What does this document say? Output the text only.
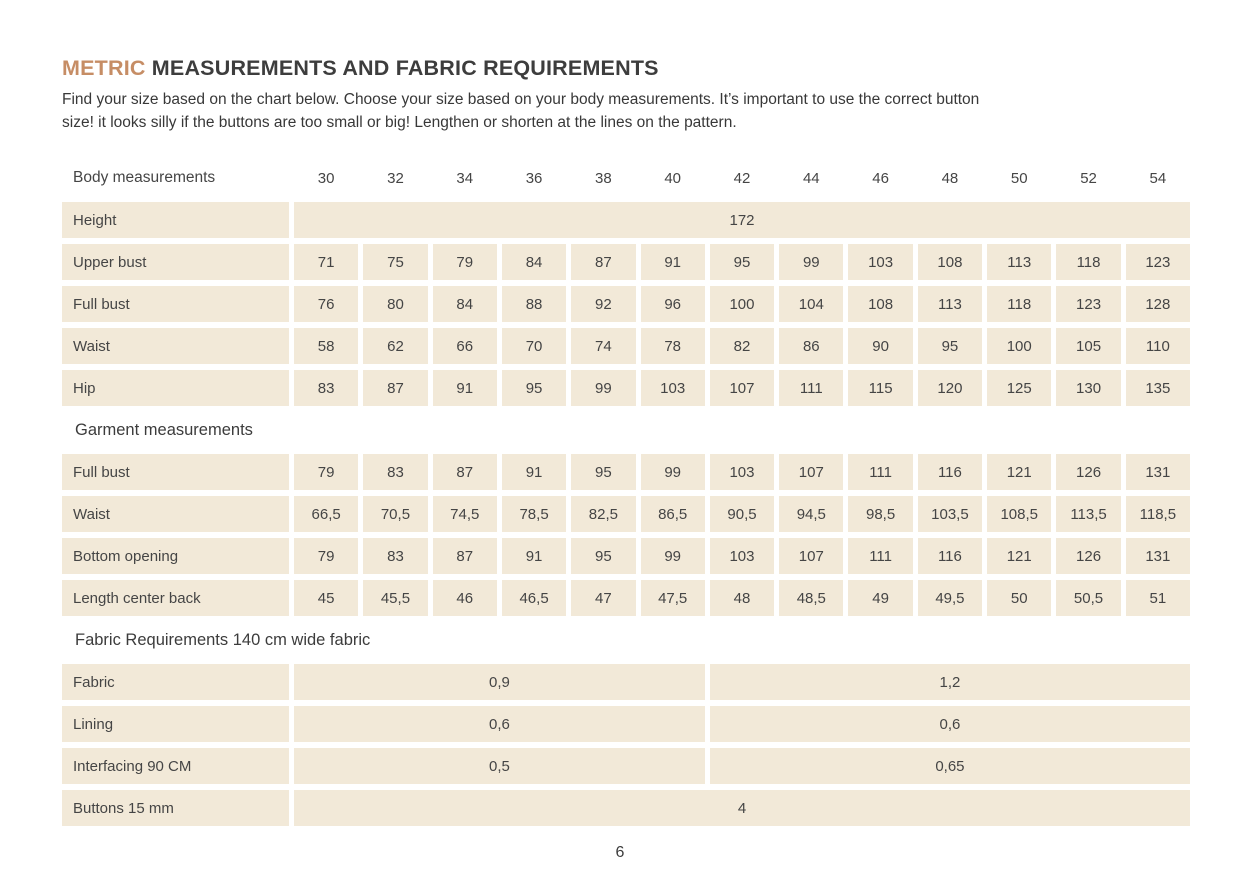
METRIC MEASUREMENTS AND FABRIC REQUIREMENTS

Find your size based on the chart below. Choose your size based on your body measurements. It’s important to use the correct button
size! it looks silly if the buttons are too small or big! Lengthen or shorten at the lines on the pattern.

Body measurements	30	32	34	36	38	40	42	44	46	48	50	52	54
Height	172
Upper bust	71	75	79	84	87	91	95	99	103	108	113	118	123
Full bust	76	80	84	88	92	96	100	104	108	113	118	123	128
Waist	58	62	66	70	74	78	82	86	90	95	100	105	110
Hip	83	87	91	95	99	103	107	111	115	120	125	130	135
Garment measurements
Full bust	79	83	87	91	95	99	103	107	111	116	121	126	131
Waist	66,5	70,5	74,5	78,5	82,5	86,5	90,5	94,5	98,5	103,5	108,5	113,5	118,5
Bottom opening	79	83	87	91	95	99	103	107	111	116	121	126	131
Length center back	45	45,5	46	46,5	47	47,5	48	48,5	49	49,5	50	50,5	51
Fabric Requirements 140 cm wide fabric
Fabric	0,9	1,2
Lining	0,6	0,6
Interfacing 90 CM	0,5	0,65
Buttons 15 mm	4
6
